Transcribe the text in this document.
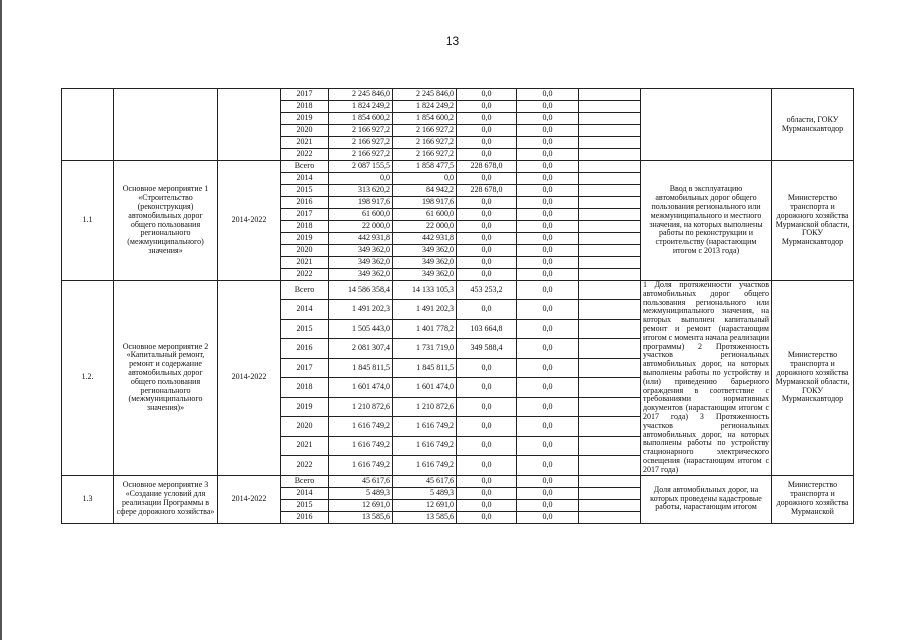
13
			2017	2 245 846,0	2 245 846,0	0,0	0,0			области, ГОКУ Мурманскавтодор
			2018	1 824 249,2	1 824 249,2	0,0	0,0			
			2019	1 854 600,2	1 854 600,2	0,0	0,0			
			2020	2 166 927,2	2 166 927,2	0,0	0,0			
			2021	2 166 927,2	2 166 927,2	0,0	0,0			
			2022	2 166 927,2	2 166 927,2	0,0	0,0			
1.1	Основное мероприятие 1 «Строительство (реконструкция) автомобильных дорог общего пользования регионального (межмуниципального) значения»	2014-2022	Всего	2 087 155,5	1 858 477,5	228 678,0	0,0		Ввод в эксплуатацию автомобильных дорог общего пользования регионального или межмуниципального и местного значения, на которых выполнены работы по реконструкции и строительству (нарастающим итогом с 2013 года)	Министерство транспорта и дорожного хозяйства Мурманской области, ГОКУ Мурманскавтодор
			2014	0,0	0,0	0,0	0,0			
			2015	313 620,2	84 942,2	228 678,0	0,0			
			2016	198 917,6	198 917,6	0,0	0,0			
			2017	61 600,0	61 600,0	0,0	0,0			
			2018	22 000,0	22 000,0	0,0	0,0			
			2019	442 931,8	442 931,8	0,0	0,0			
			2020	349 362,0	349 362,0	0,0	0,0			
			2021	349 362,0	349 362,0	0,0	0,0			
			2022	349 362,0	349 362,0	0,0	0,0			
1.2.	Основное мероприятие 2 «Капитальный ремонт, ремонт и содержание автомобильных дорог общего пользования регионального (межмуниципального значения)»	2014-2022	Всего	14 586 358,4	14 133 105,3	453 253,2	0,0		1 Доля протяженности участков автомобильных дорог общего пользования регионального или межмуниципального значения, на которых выполнен капитальный ремонт и ремонт (нарастающим итогом с момента начала реализации программы) 2 Протяженность участков региональных автомобильных дорог, на которых выполнены работы по устройству и (или) приведению барьерного ограждения в соответствие с требованиями нормативных документов (нарастающим итогом с 2017 года) 3 Протяженность участков региональных автомобильных дорог, на которых выполнены работы по устройству стационарного электрического освещения (нарастающим итогом с 2017 года)	Министерство транспорта и дорожного хозяйства Мурманской области, ГОКУ Мурманскавтодор
			2014	1 491 202,3	1 491 202,3	0,0	0,0			
			2015	1 505 443,0	1 401 778,2	103 664,8	0,0			
			2016	2 081 307,4	1 731 719,0	349 588,4	0,0			
			2017	1 845 811,5	1 845 811,5	0,0	0,0			
			2018	1 601 474,0	1 601 474,0	0,0	0,0			
			2019	1 210 872,6	1 210 872,6	0,0	0,0			
			2020	1 616 749,2	1 616 749,2	0,0	0,0			
			2021	1 616 749,2	1 616 749,2	0,0	0,0			
			2022	1 616 749,2	1 616 749,2	0,0	0,0			
1.3	Основное мероприятие 3 «Создание условий для реализации Программы в сфере дорожного хозяйства»	2014-2022	Всего	45 617,6	45 617,6	0,0	0,0		Доля автомобильных дорог, на которых проведены кадастровые работы, нарастающим итогом	Министерство транспорта и дорожного хозяйства Мурманской
			2014	5 489,3	5 489,3	0,0	0,0			
			2015	12 691,0	12 691,0	0,0	0,0			
			2016	13 585,6	13 585,6	0,0	0,0			
